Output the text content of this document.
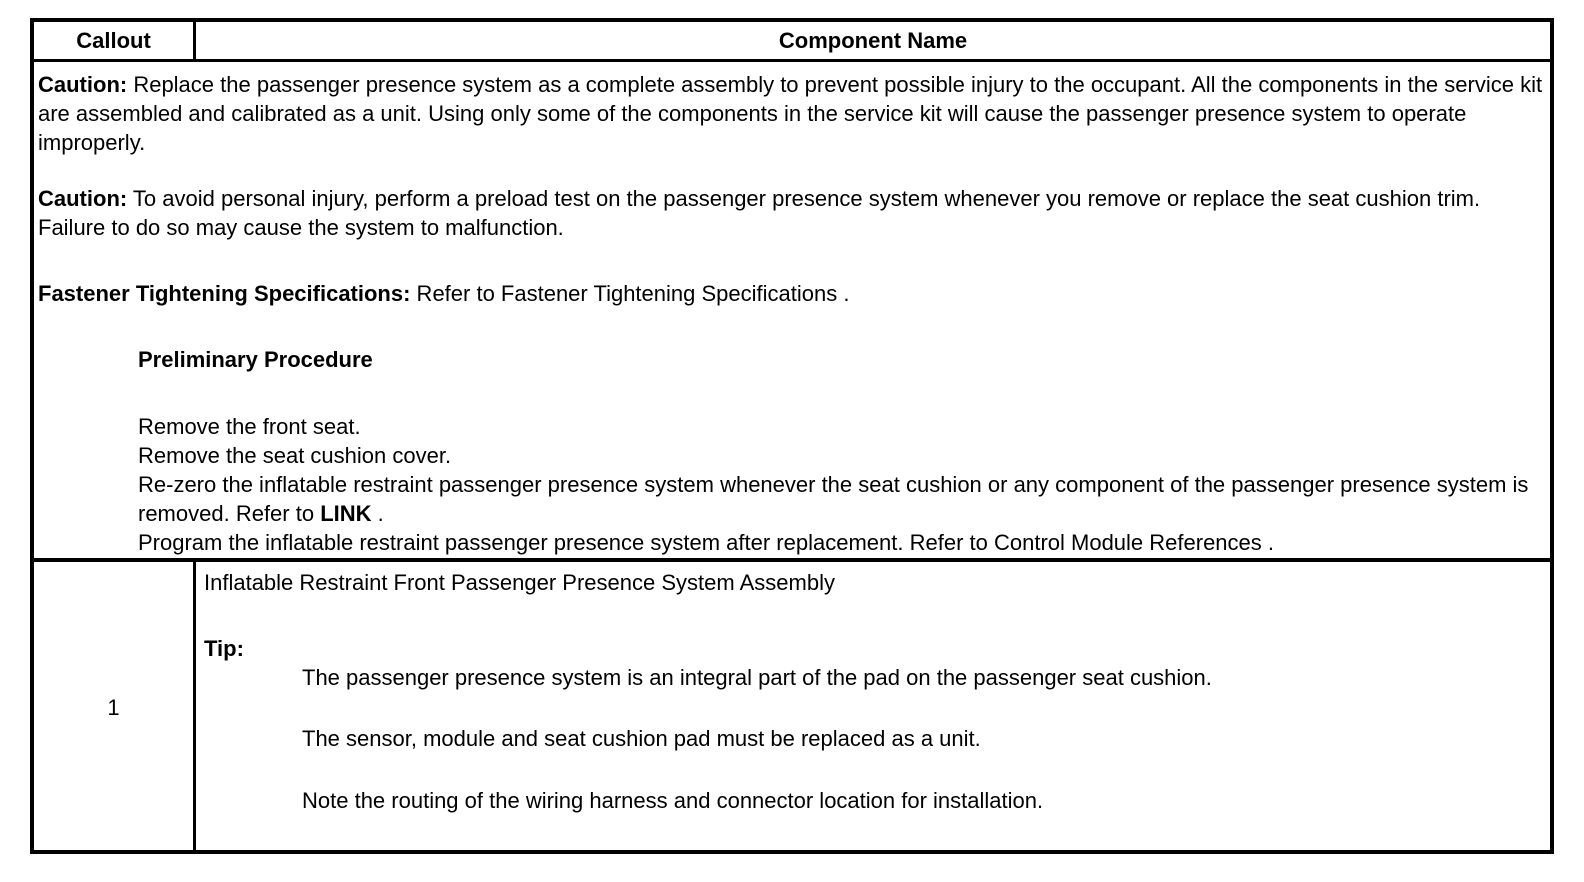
Callout	Component Name

Caution: Replace the passenger presence system as a complete assembly to prevent possible injury to the occupant. All the components in the service kit are assembled and calibrated as a unit. Using only some of the components in the service kit will cause the passenger presence system to operate improperly.

Caution: To avoid personal injury, perform a preload test on the passenger presence system whenever you remove or replace the seat cushion trim. Failure to do so may cause the system to malfunction.

Fastener Tightening Specifications: Refer to Fastener Tightening Specifications .

Preliminary Procedure

Remove the front seat.

Remove the seat cushion cover.

Re-zero the inflatable restraint passenger presence system whenever the seat cushion or any component of the passenger presence system is removed. Refer to LINK .

Program the inflatable restraint passenger presence system after replacement. Refer to Control Module References .

1

Inflatable Restraint Front Passenger Presence System Assembly

Tip:

The passenger presence system is an integral part of the pad on the passenger seat cushion.

The sensor, module and seat cushion pad must be replaced as a unit.

Note the routing of the wiring harness and connector location for installation.
